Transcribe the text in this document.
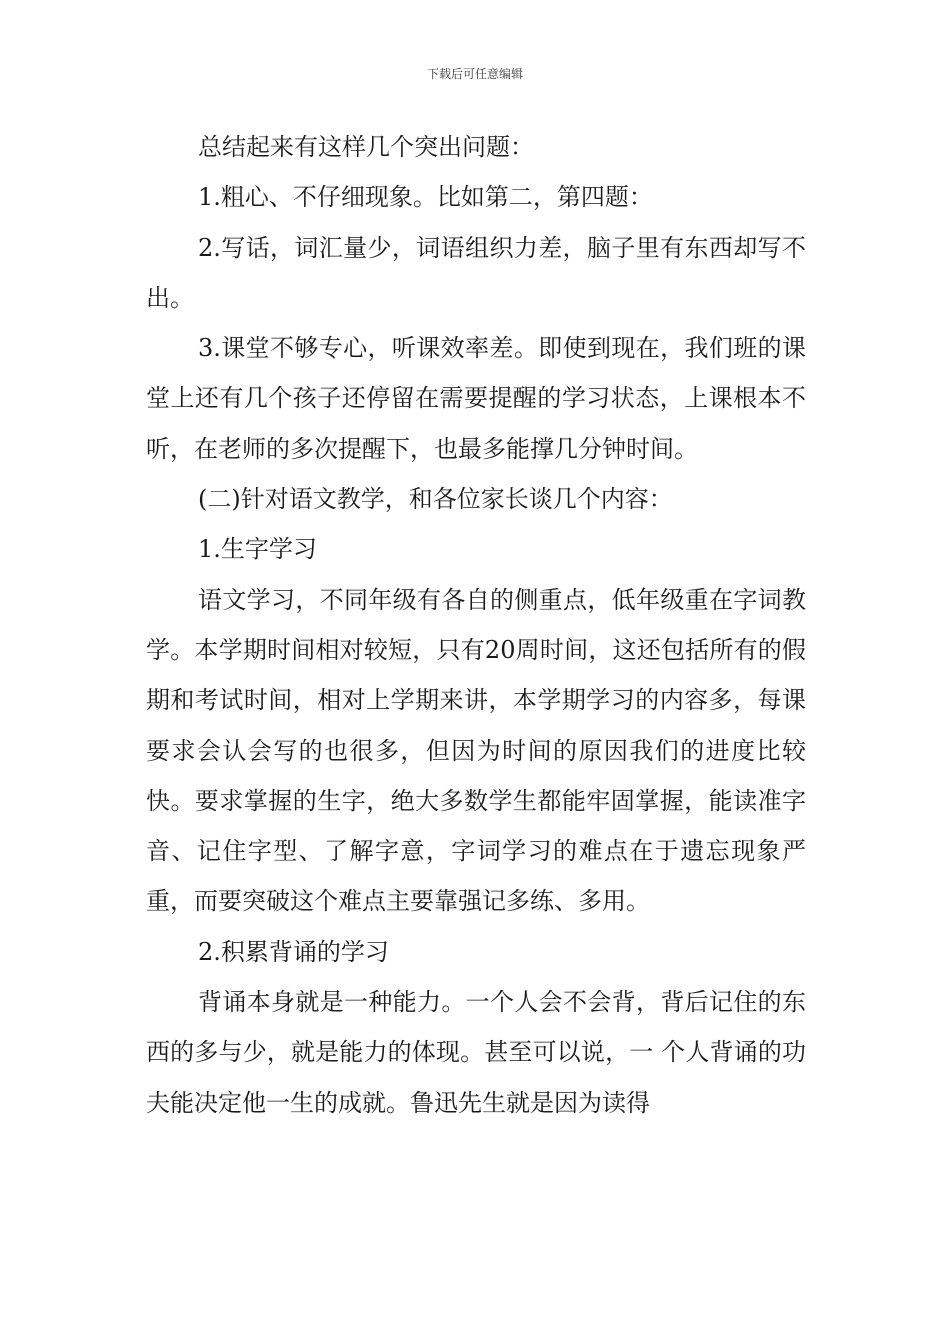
下载后可任意编辑

总结起来有这样几个突出问题：

1.粗心、不仔细现象。比如第二，第四题：

2.写话，词汇量少，词语组织力差，脑子里有东西却写不出。

3.课堂不够专心，听课效率差。即使到现在，我们班的课堂上还有几个孩子还停留在需要提醒的学习状态，上课根本不听，在老师的多次提醒下，也最多能撑几分钟时间。

(二)针对语文教学，和各位家长谈几个内容：

1.生字学习

语文学习，不同年级有各自的侧重点，低年级重在字词教学。本学期时间相对较短，只有20周时间，这还包括所有的假期和考试时间，相对上学期来讲，本学期学习的内容多，每课要求会认会写的也很多，但因为时间的原因我们的进度比较快。要求掌握的生字，绝大多数学生都能牢固掌握，能读准字音、记住字型、了解字意，字词学习的难点在于遗忘现象严重，而要突破这个难点主要靠强记多练、多用。

2.积累背诵的学习

背诵本身就是一种能力。一个人会不会背，背后记住的东西的多与少，就是能力的体现。甚至可以说，一 个人背诵的功夫能决定他一生的成就。鲁迅先生就是因为读得
